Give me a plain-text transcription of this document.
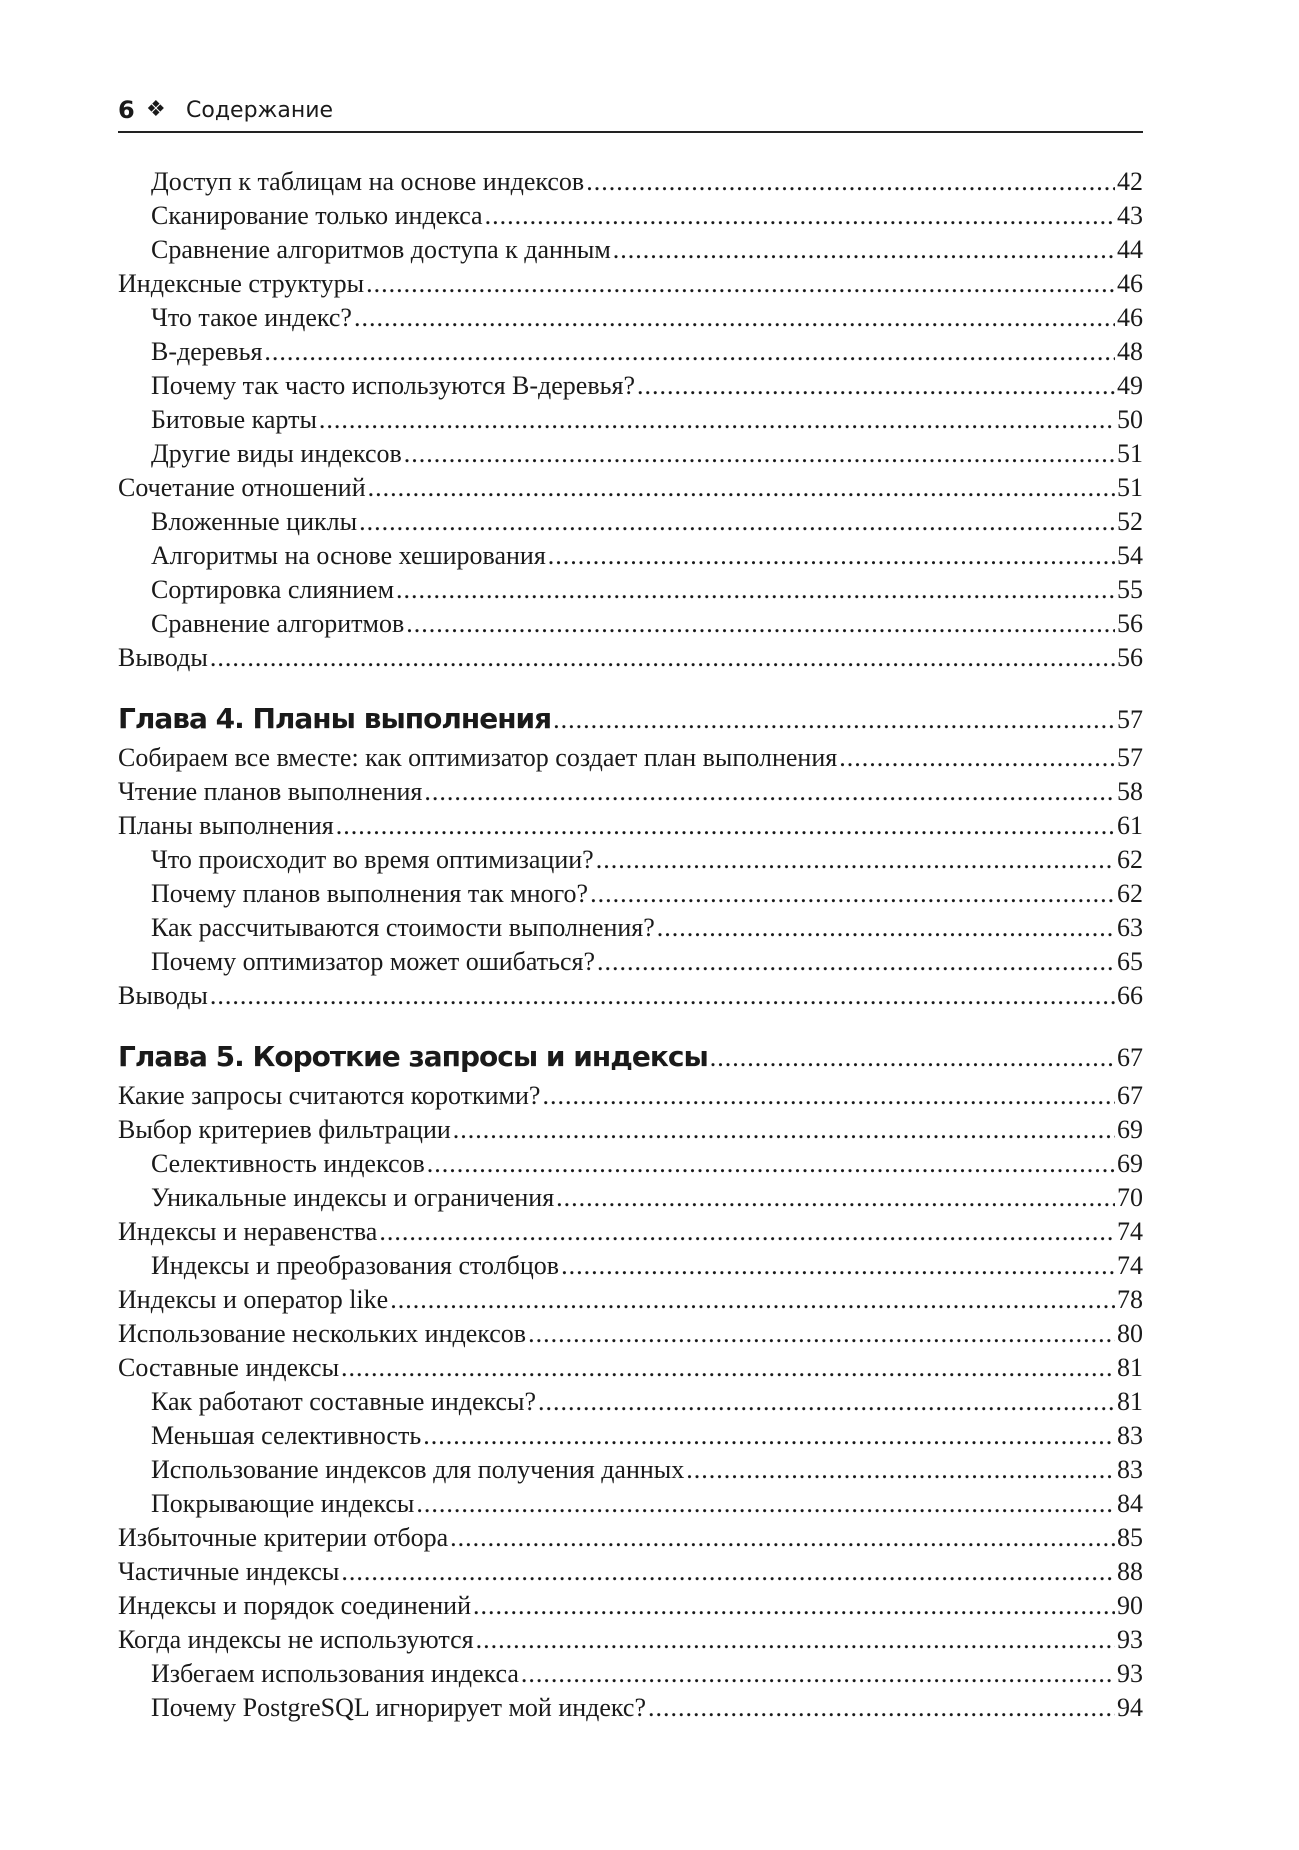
6 ❖ Содержание
Доступ к таблицам на основе индексов .....	42
Сканирование только индекса .....	43
Сравнение алгоритмов доступа к данным .....	44
Индексные структуры .....	46
Что такое индекс? .....	46
B-деревья .....	48
Почему так часто используются B-деревья? .....	49
Битовые карты .....	50
Другие виды индексов .....	51
Сочетание отношений .....	51
Вложенные циклы .....	52
Алгоритмы на основе хеширования .....	54
Сортировка слиянием .....	55
Сравнение алгоритмов .....	56
Выводы .....	56
Глава 4. Планы выполнения .....	57
Собираем все вместе: как оптимизатор создает план выполнения .....	57
Чтение планов выполнения .....	58
Планы выполнения .....	61
Что происходит во время оптимизации? .....	62
Почему планов выполнения так много? .....	62
Как рассчитываются стоимости выполнения? .....	63
Почему оптимизатор может ошибаться? .....	65
Выводы .....	66
Глава 5. Короткие запросы и индексы .....	67
Какие запросы считаются короткими? .....	67
Выбор критериев фильтрации .....	69
Селективность индексов .....	69
Уникальные индексы и ограничения .....	70
Индексы и неравенства .....	74
Индексы и преобразования столбцов .....	74
Индексы и оператор like .....	78
Использование нескольких индексов .....	80
Составные индексы .....	81
Как работают составные индексы? .....	81
Меньшая селективность .....	83
Использование индексов для получения данных .....	83
Покрывающие индексы .....	84
Избыточные критерии отбора .....	85
Частичные индексы .....	88
Индексы и порядок соединений .....	90
Когда индексы не используются .....	93
Избегаем использования индекса .....	93
Почему PostgreSQL игнорирует мой индекс? .....	94
